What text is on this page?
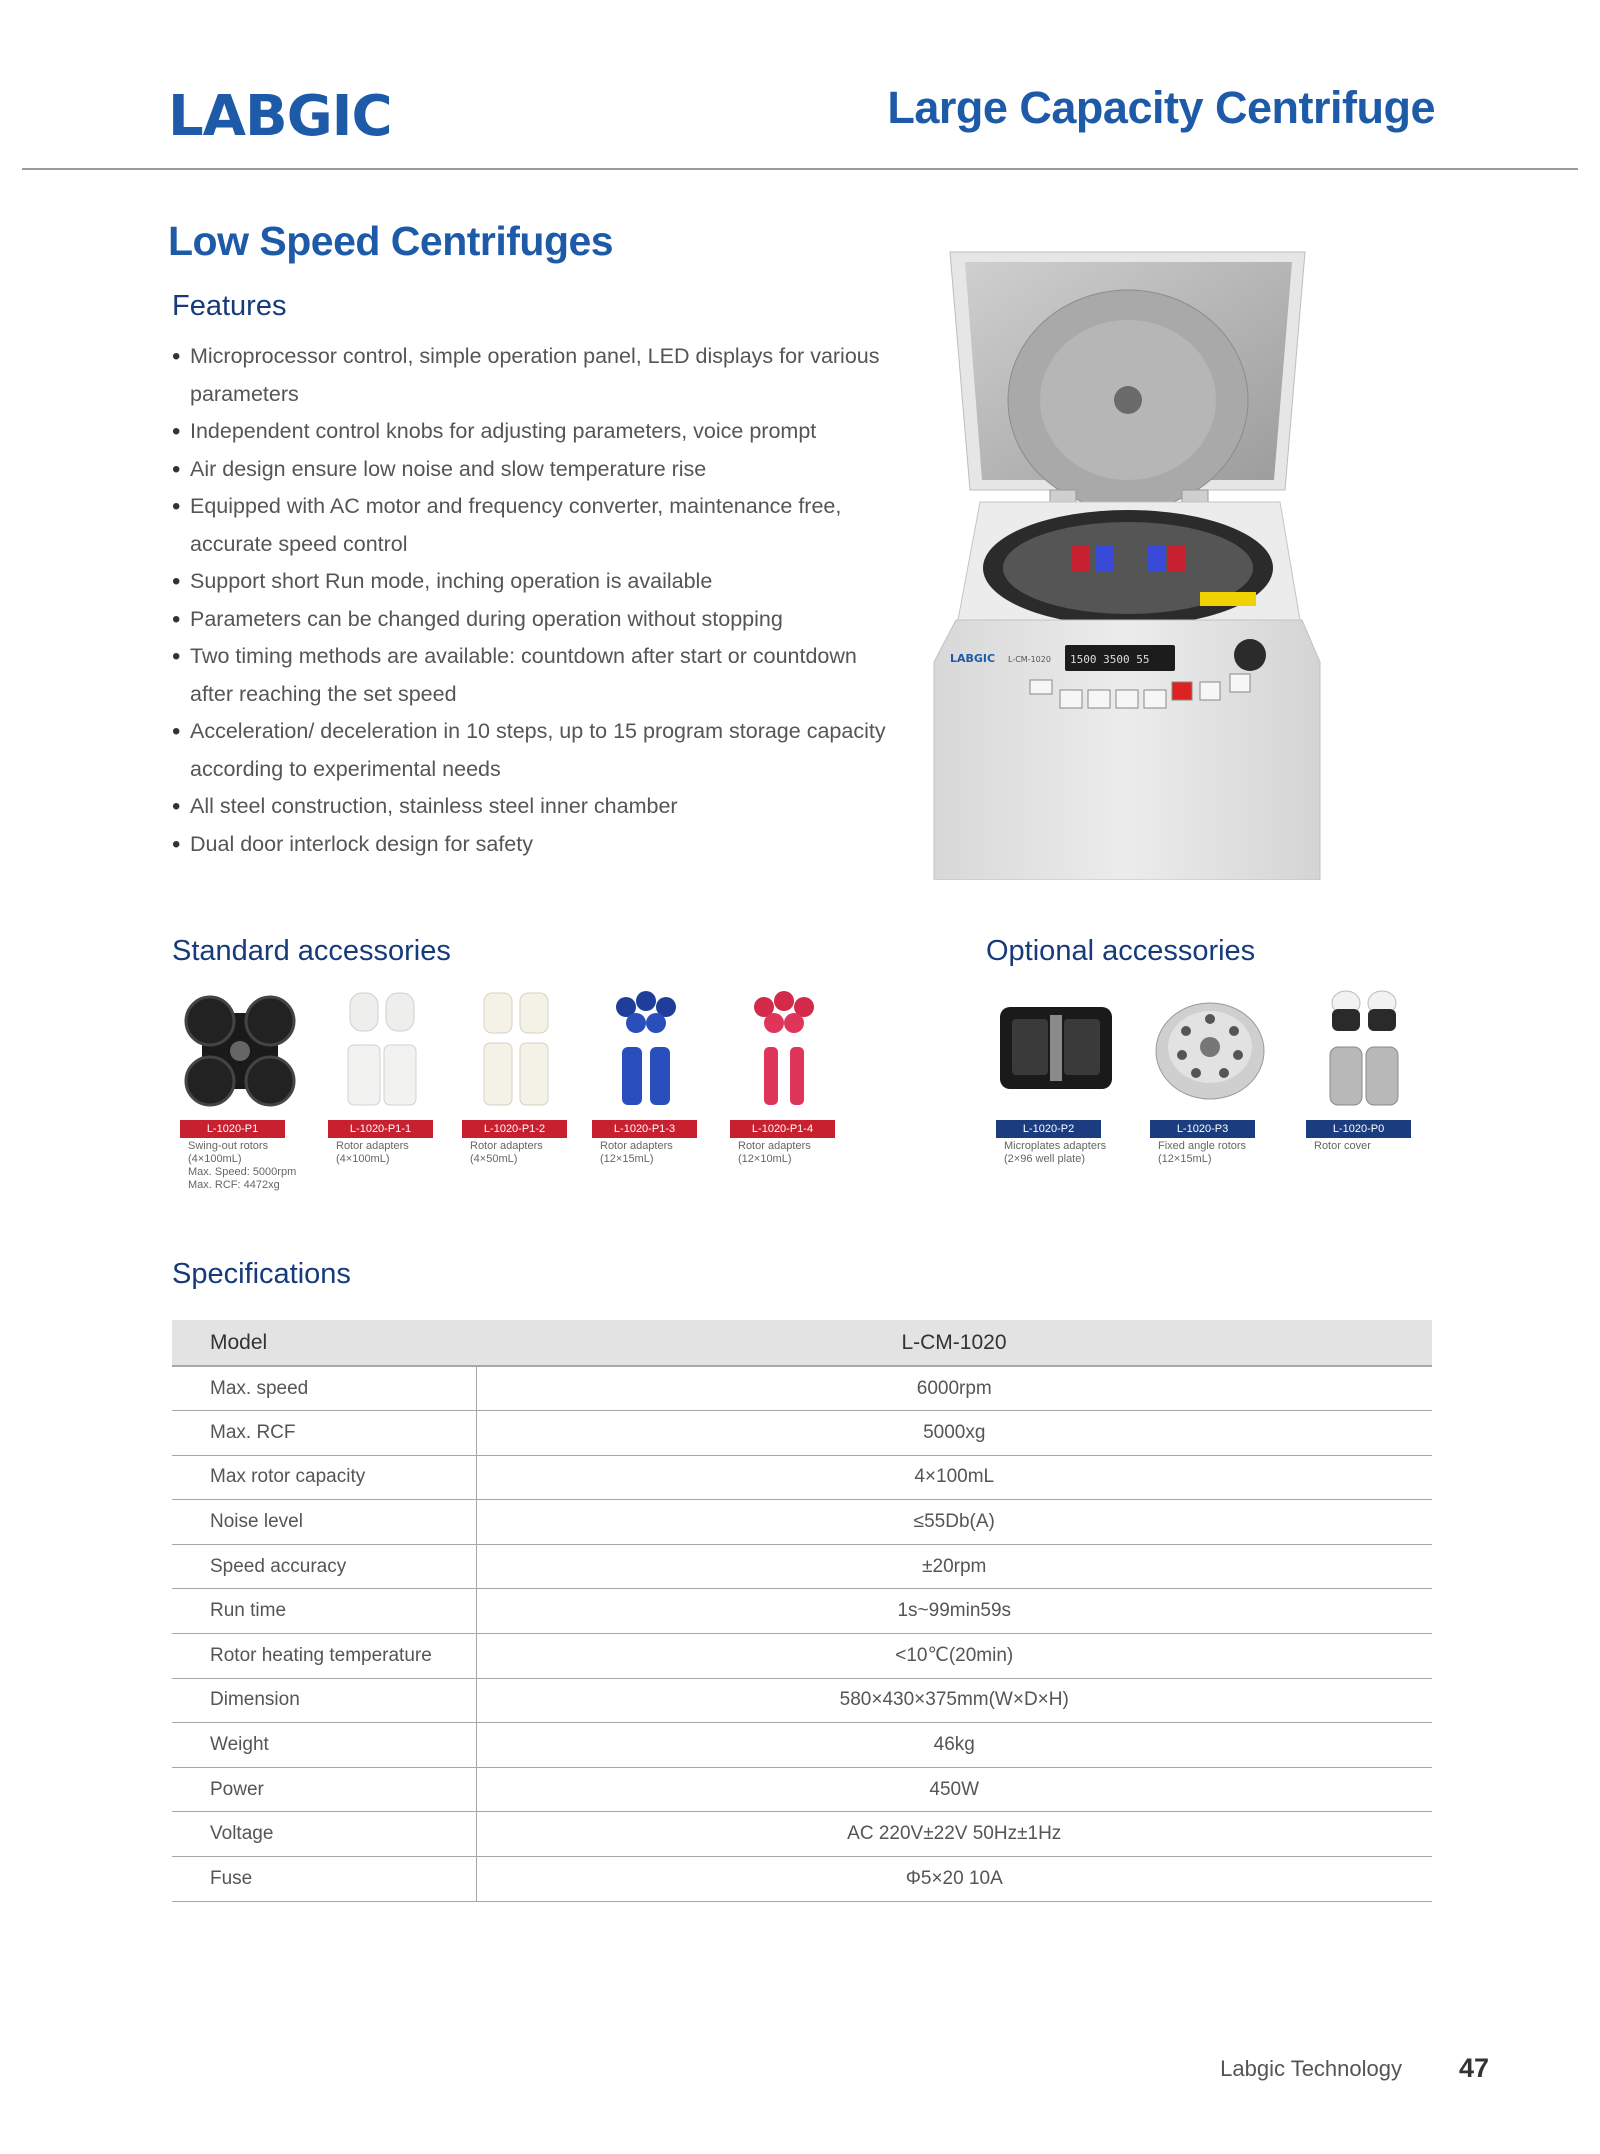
LABGIC	Large Capacity Centrifuge
Low Speed Centrifuges
Features
• Microprocessor control, simple operation panel, LED displays for various parameters
• Independent control knobs for adjusting parameters, voice prompt
• Air design ensure low noise and slow temperature rise
• Equipped with AC motor and frequency converter, maintenance free, accurate speed control
• Support short Run mode, inching operation is available
• Parameters can be changed during operation without stopping
• Two timing methods are available: countdown after start or countdown after reaching the set speed
• Acceleration/ deceleration in 10 steps, up to 15 program storage capacity according to experimental needs
• All steel construction, stainless steel inner chamber
• Dual door interlock design for safety
LABGIC L-CM-1020 1500 3500 55
Standard accessories
L-1020-P1
Swing-out rotors
(4×100mL)
Max. Speed: 5000rpm
Max. RCF: 4472xg
L-1020-P1-1
Rotor adapters
(4×100mL)
L-1020-P1-2
Rotor adapters
(4×50mL)
L-1020-P1-3
Rotor adapters
(12×15mL)
L-1020-P1-4
Rotor adapters
(12×10mL)
Optional accessories
L-1020-P2
Microplates adapters
(2×96 well plate)
L-1020-P3
Fixed angle rotors
(12×15mL)
L-1020-P0
Rotor cover
Specifications
Model	L-CM-1020
Max. speed	6000rpm
Max. RCF	5000xg
Max rotor capacity	4×100mL
Noise level	≤55Db(A)
Speed accuracy	±20rpm
Run time	1s~99min59s
Rotor heating temperature	<10℃(20min)
Dimension	580×430×375mm(W×D×H)
Weight	46kg
Power	450W
Voltage	AC 220V±22V 50Hz±1Hz
Fuse	Φ5×20 10A
Labgic Technology 47
